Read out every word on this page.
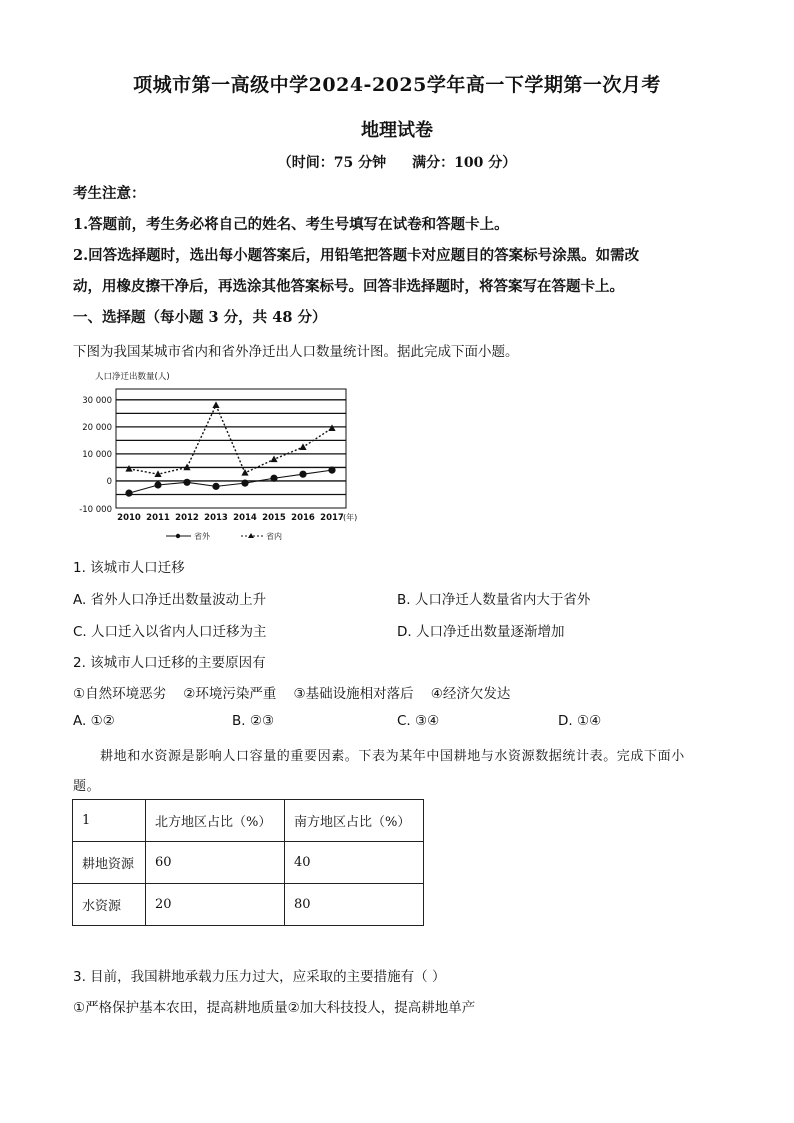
项城市第一高级中学2024-2025学年高一下学期第一次月考
地理试卷
（时间：75 分钟 满分：100 分）
考生注意：
1.答题前，考生务必将自己的姓名、考生号填写在试卷和答题卡上。
2.回答选择题时，选出每小题答案后，用铅笔把答题卡对应题目的答案标号涂黑。如需改
动，用橡皮擦干净后，再选涂其他答案标号。回答非选择题时，将答案写在答题卡上。
一、选择题（每小题 3 分，共 48 分）
下图为我国某城市省内和省外净迁出人口数量统计图。据此完成下面小题。
人口净迁出数量(人)
30 000
20 000
10 000
0
-10 000
2010 2011 2012 2013 2014 2015 2016 2017 (年)
省外	省内
1. 该城市人口迁移
A. 省外人口净迁出数量波动上升	B. 人口净迁人数量省内大于省外
C. 人口迁入以省内人口迁移为主	D. 人口净迁出数量逐渐增加
2. 该城市人口迁移的主要原因有
①自然环境恶劣    ②环境污染严重    ③基础设施相对落后    ④经济欠发达
A. ①②	B. ②③	C. ③④	D. ①④
耕地和水资源是影响人口容量的重要因素。下表为某年中国耕地与水资源数据统计表。完成下面小
题。
1	北方地区占比（%）	南方地区占比（%）
耕地资源	60	40
水资源	20	80
3. 目前，我国耕地承载力压力过大，应采取的主要措施有（ ）
①严格保护基本农田，提高耕地质量②加大科技投人，提高耕地单产
